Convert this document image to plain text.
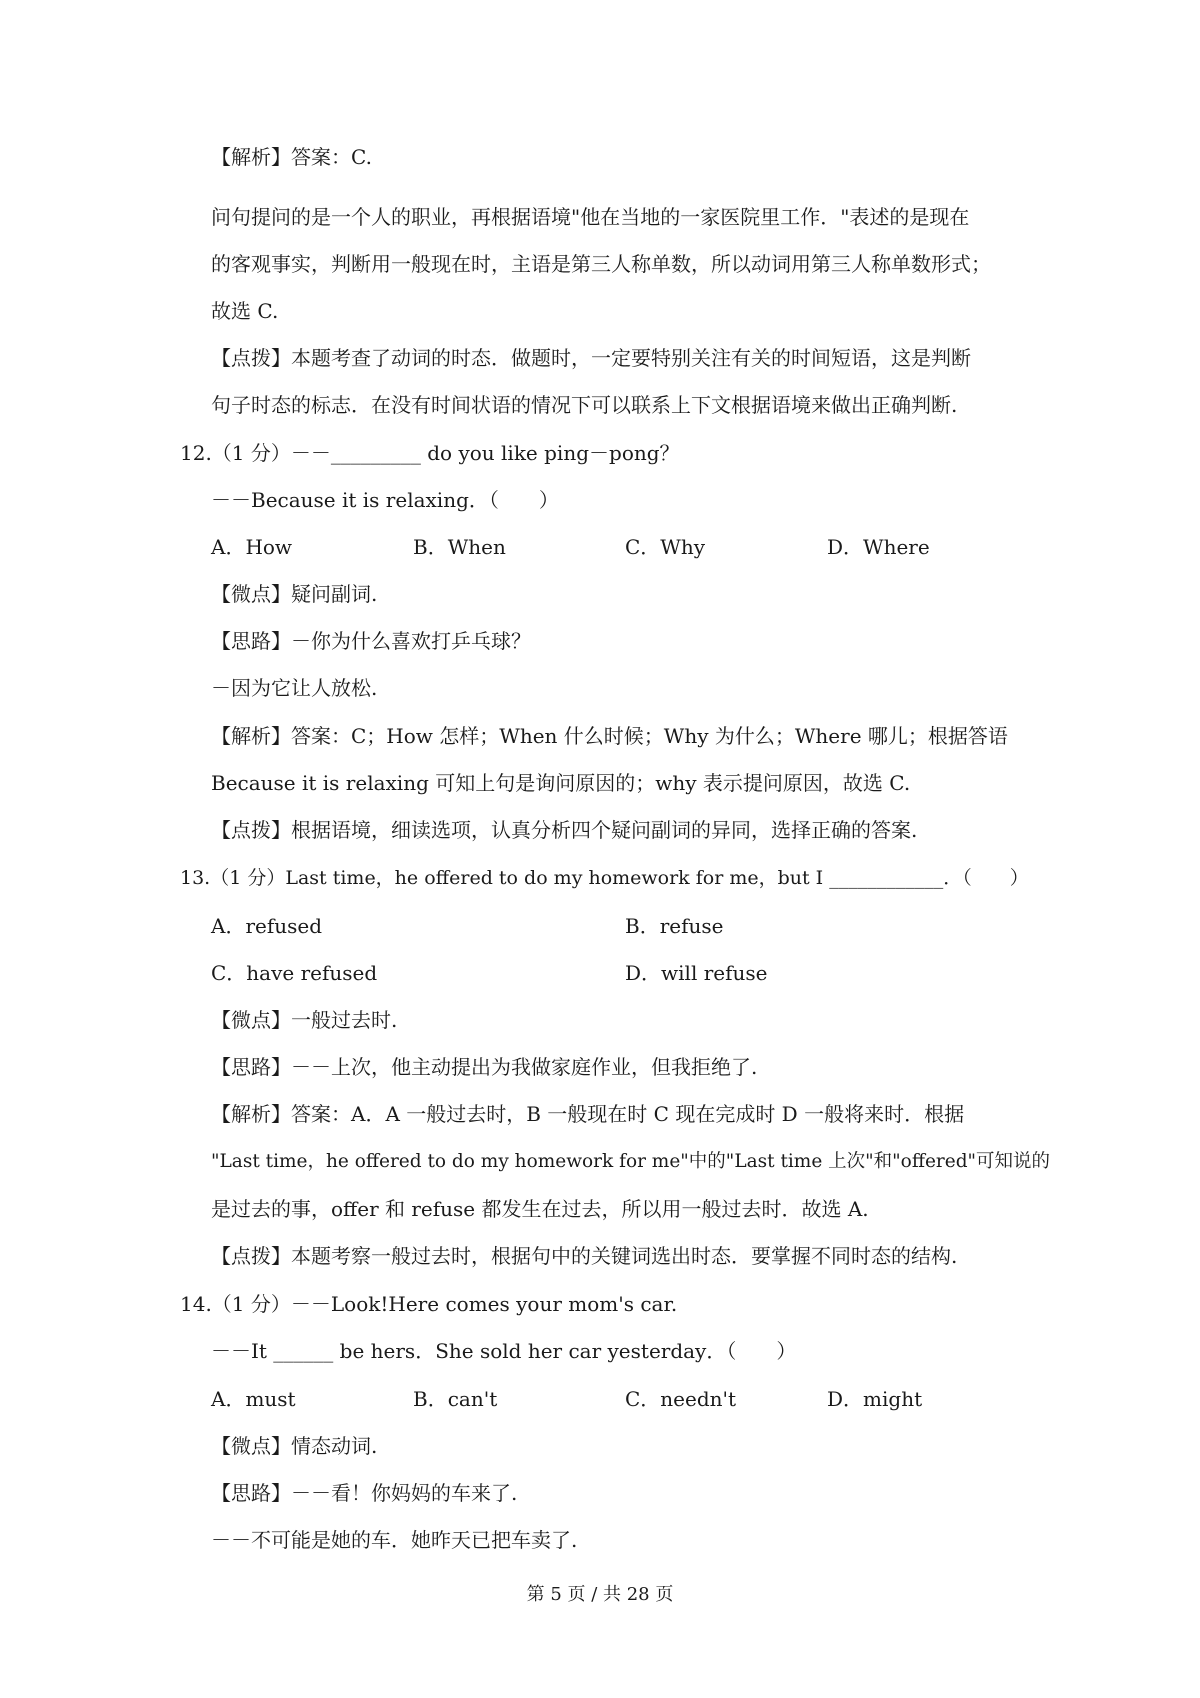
【解析】答案：C.
问句提问的是一个人的职业，再根据语境"他在当地的一家医院里工作．"表述的是现在
的客观事实，判断用一般现在时，主语是第三人称单数，所以动词用第三人称单数形式；
故选 C.
【点拨】本题考查了动词的时态．做题时，一定要特别关注有关的时间短语，这是判断
句子时态的标志．在没有时间状语的情况下可以联系上下文根据语境来做出正确判断.
12.（1 分）－－_________ do you like ping－pong？
－－Because it is relaxing．（　　）
A．How	B．When	C．Why	D．Where
【微点】疑问副词.
【思路】－你为什么喜欢打乒乓球？
－因为它让人放松.
【解析】答案：C；How 怎样；When 什么时候；Why 为什么；Where 哪儿；根据答语
Because it is relaxing 可知上句是询问原因的；why 表示提问原因，故选 C.
【点拨】根据语境，细读选项，认真分析四个疑问副词的异同，选择正确的答案.
13.（1 分）Last time，he offered to do my homework for me，but I ____________．（　　）
A．refused	B．refuse
C．have refused	D．will refuse
【微点】一般过去时.
【思路】－－上次，他主动提出为我做家庭作业，但我拒绝了.
【解析】答案：A．A 一般过去时，B 一般现在时 C 现在完成时 D 一般将来时．根据
"Last time，he offered to do my homework for me"中的"Last time 上次"和"offered"可知说的
是过去的事，offer 和 refuse 都发生在过去，所以用一般过去时．故选 A.
【点拨】本题考察一般过去时，根据句中的关键词选出时态．要掌握不同时态的结构.
14.（1 分）－－Look!Here comes your mom's car.
－－It ______ be hers．She sold her car yesterday．（　　）
A．must	B．can't	C．needn't	D．might
【微点】情态动词.
【思路】－－看！你妈妈的车来了.
－－不可能是她的车．她昨天已把车卖了.
第 5 页 / 共 28 页
